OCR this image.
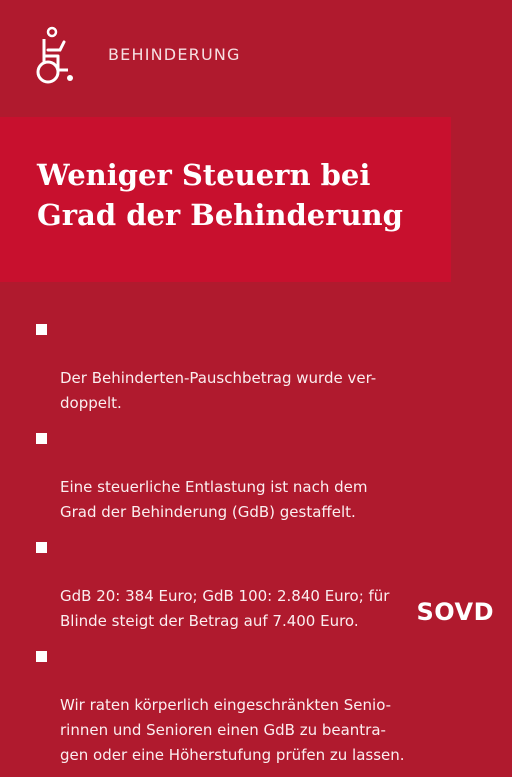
BEHINDERUNG
Weniger Steuern bei
Grad der Behinderung

Der Behinderten-Pauschbetrag wurde ver-
doppelt.

Eine steuerliche Entlastung ist nach dem
Grad der Behinderung (GdB) gestaffelt.

GdB 20: 384 Euro; GdB 100: 2.840 Euro; für
Blinde steigt der Betrag auf 7.400 Euro.

Wir raten körperlich eingeschränkten Senio-
rinnen und Senioren einen GdB zu beantra-
gen oder eine Höherstufung prüfen zu lassen.

SOVD
